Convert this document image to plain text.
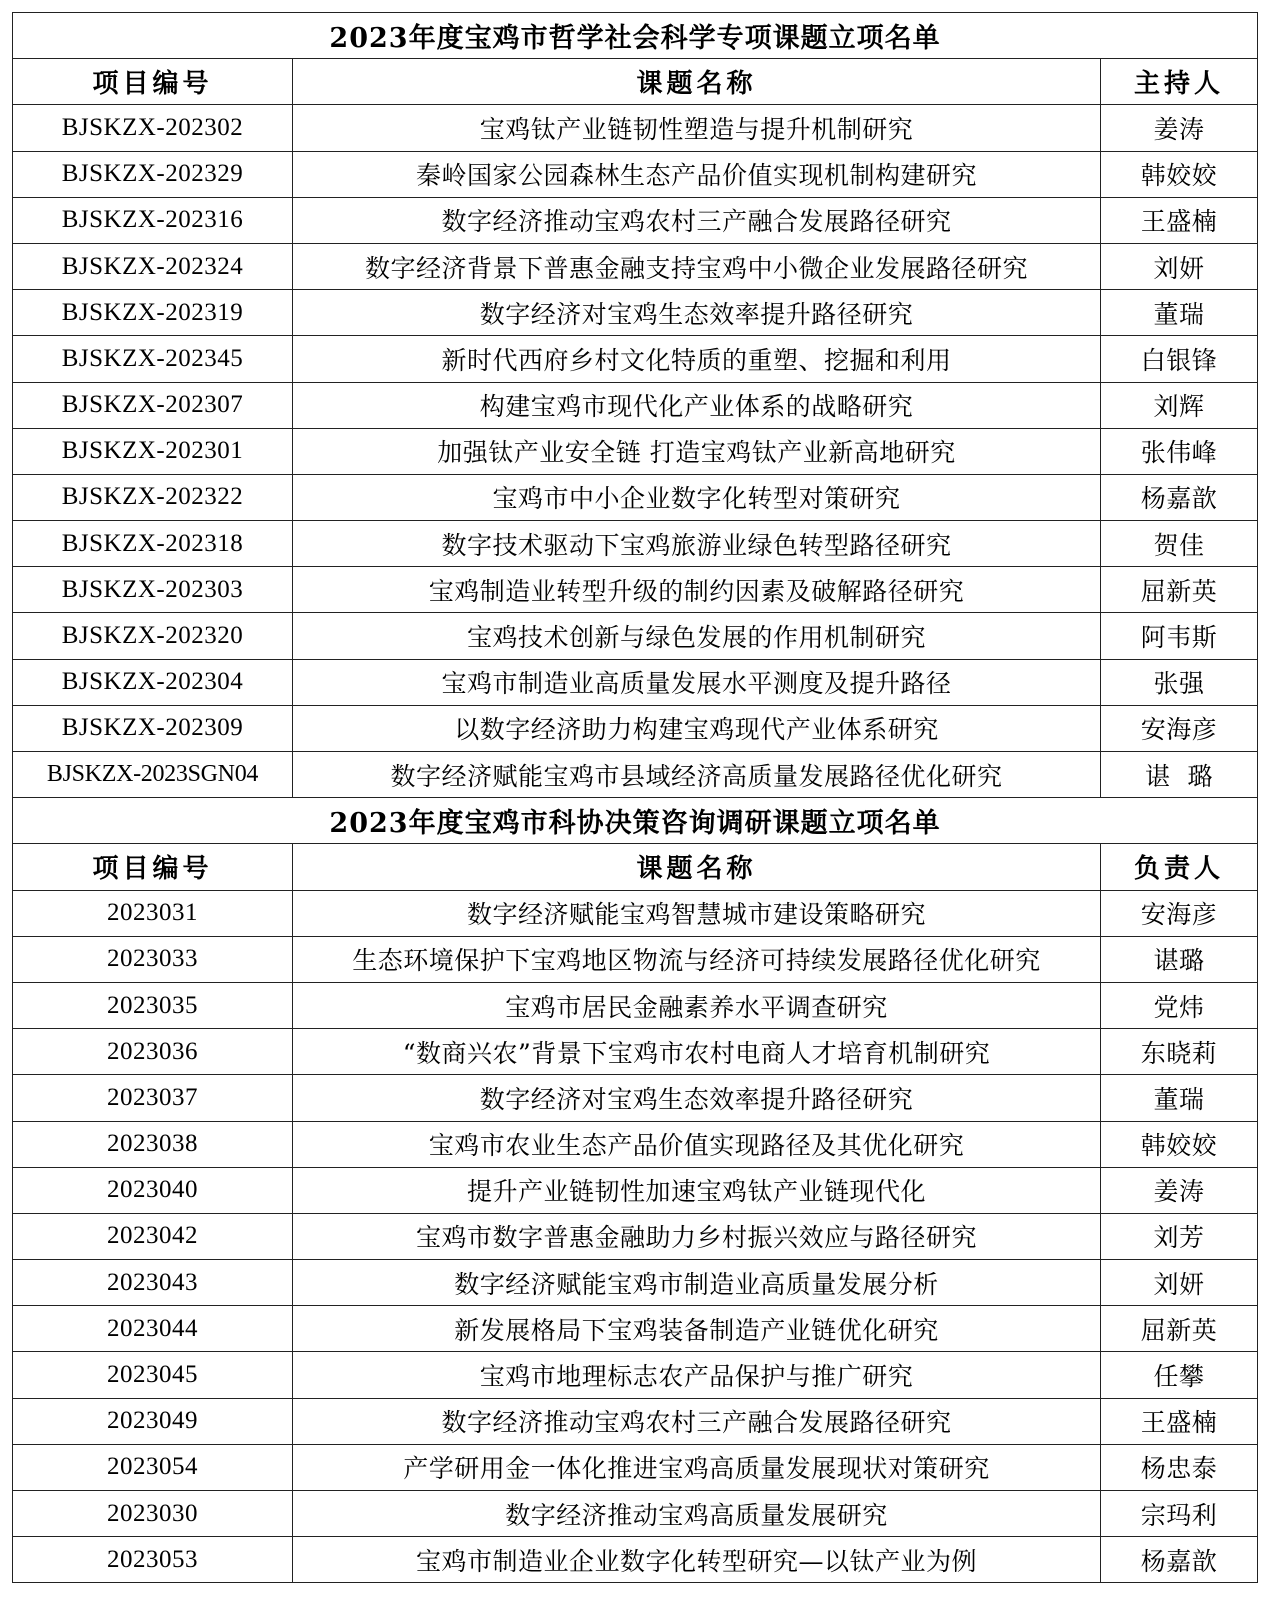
2023年度宝鸡市哲学社会科学专项课题立项名单		
项目编号	课题名称	主持人
BJSKZX-202302	宝鸡钛产业链韧性塑造与提升机制研究	姜涛
BJSKZX-202329	秦岭国家公园森林生态产品价值实现机制构建研究	韩姣姣
BJSKZX-202316	数字经济推动宝鸡农村三产融合发展路径研究	王盛楠
BJSKZX-202324	数字经济背景下普惠金融支持宝鸡中小微企业发展路径研究	刘妍
BJSKZX-202319	数字经济对宝鸡生态效率提升路径研究	董瑞
BJSKZX-202345	新时代西府乡村文化特质的重塑、挖掘和利用	白银锋
BJSKZX-202307	构建宝鸡市现代化产业体系的战略研究	刘辉
BJSKZX-202301	加强钛产业安全链 打造宝鸡钛产业新高地研究	张伟峰
BJSKZX-202322	宝鸡市中小企业数字化转型对策研究	杨嘉歆
BJSKZX-202318	数字技术驱动下宝鸡旅游业绿色转型路径研究	贺佳
BJSKZX-202303	宝鸡制造业转型升级的制约因素及破解路径研究	屈新英
BJSKZX-202320	宝鸡技术创新与绿色发展的作用机制研究	阿韦斯
BJSKZX-202304	宝鸡市制造业高质量发展水平测度及提升路径	张强
BJSKZX-202309	以数字经济助力构建宝鸡现代产业体系研究	安海彦
BJSKZX-2023SGN04	数字经济赋能宝鸡市县域经济高质量发展路径优化研究	谌  璐
2023年度宝鸡市科协决策咨询调研课题立项名单		
项目编号	课题名称	负责人
2023031	数字经济赋能宝鸡智慧城市建设策略研究	安海彦
2023033	生态环境保护下宝鸡地区物流与经济可持续发展路径优化研究	谌璐
2023035	宝鸡市居民金融素养水平调查研究	党炜
2023036	“数商兴农”背景下宝鸡市农村电商人才培育机制研究	东晓莉
2023037	数字经济对宝鸡生态效率提升路径研究	董瑞
2023038	宝鸡市农业生态产品价值实现路径及其优化研究	韩姣姣
2023040	提升产业链韧性加速宝鸡钛产业链现代化	姜涛
2023042	宝鸡市数字普惠金融助力乡村振兴效应与路径研究	刘芳
2023043	数字经济赋能宝鸡市制造业高质量发展分析	刘妍
2023044	新发展格局下宝鸡装备制造产业链优化研究	屈新英
2023045	宝鸡市地理标志农产品保护与推广研究	任攀
2023049	数字经济推动宝鸡农村三产融合发展路径研究	王盛楠
2023054	产学研用金一体化推进宝鸡高质量发展现状对策研究	杨忠泰
2023030	数字经济推动宝鸡高质量发展研究	宗玛利
2023053	宝鸡市制造业企业数字化转型研究—以钛产业为例	杨嘉歆
